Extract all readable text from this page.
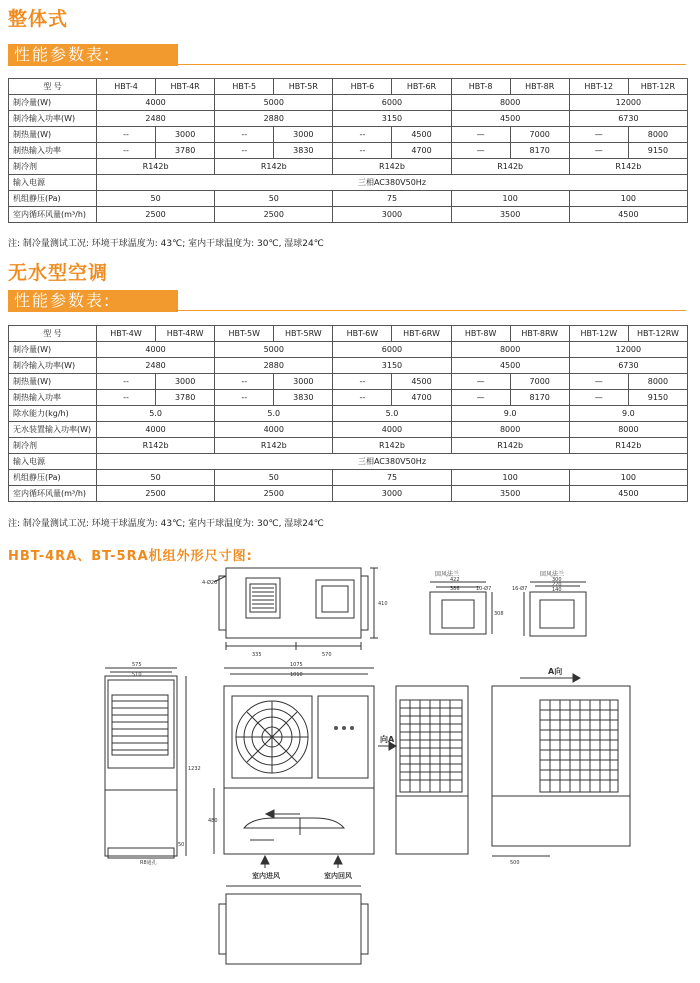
整体式
性能参数表:
型 号	HBT-4	HBT-4R	HBT-5	HBT-5R	HBT-6	HBT-6R	HBT-8	HBT-8R	HBT-12	HBT-12R
制冷量(W)	4000		5000		6000		8000		12000	
制冷输入功率(W)	2480		2880		3150		4500		6730	
制热量(W)	--	3000	--	3000	--	4500	—	7000	—	8000
制热输入功率	--	3780	--	3830	--	4700	—	8170	—	9150
制冷剂	R142b		R142b		R142b		R142b		R142b	
输入电源	三相AC380V50Hz									
机组静压(Pa)	50		50		75		100		100	
室内循环风量(m³/h)	2500		2500		3000		3500		4500	
注: 制冷量测试工况: 环境干球温度为: 43℃; 室内干球温度为: 30℃, 湿球24℃
无水型空调
性能参数表:
型 号	HBT-4W	HBT-4RW	HBT-5W	HBT-5RW	HBT-6W	HBT-6RW	HBT-8W	HBT-8RW	HBT-12W	HBT-12RW
制冷量(W)	4000		5000		6000		8000		12000	
制冷输入功率(W)	2480		2880		3150		4500		6730	
制热量(W)	--	3000	--	3000	--	4500	—	7000	—	8000
制热输入功率	--	3780	--	3830	--	4700	—	8170	—	9150
除水能力(kg/h)	5.0		5.0		5.0		9.0		9.0	
无水装置输入功率(W)	4000		4000		4000		8000		8000	
制冷剂	R142b		R142b		R142b		R142b		R142b	
输入电源	三相AC380V50Hz									
机组静压(Pa)	50		50		75		100		100	
室内循环风量(m³/h)	2500		2500		3000		3500		4500	
注: 制冷量测试工况: 环境干球温度为: 43℃; 室内干球温度为: 30℃, 湿球24℃
HBT-4RA、BT-5RA机组外形尺寸图:
回风法兰	回风法兰
4-Ø20
335	570
410
422
386	10-Ø7
308
16-Ø7
300
270
140
575
510
1075
1010
1232
480
500
50
R8通孔
A向
向A
室内进风	室内回风
